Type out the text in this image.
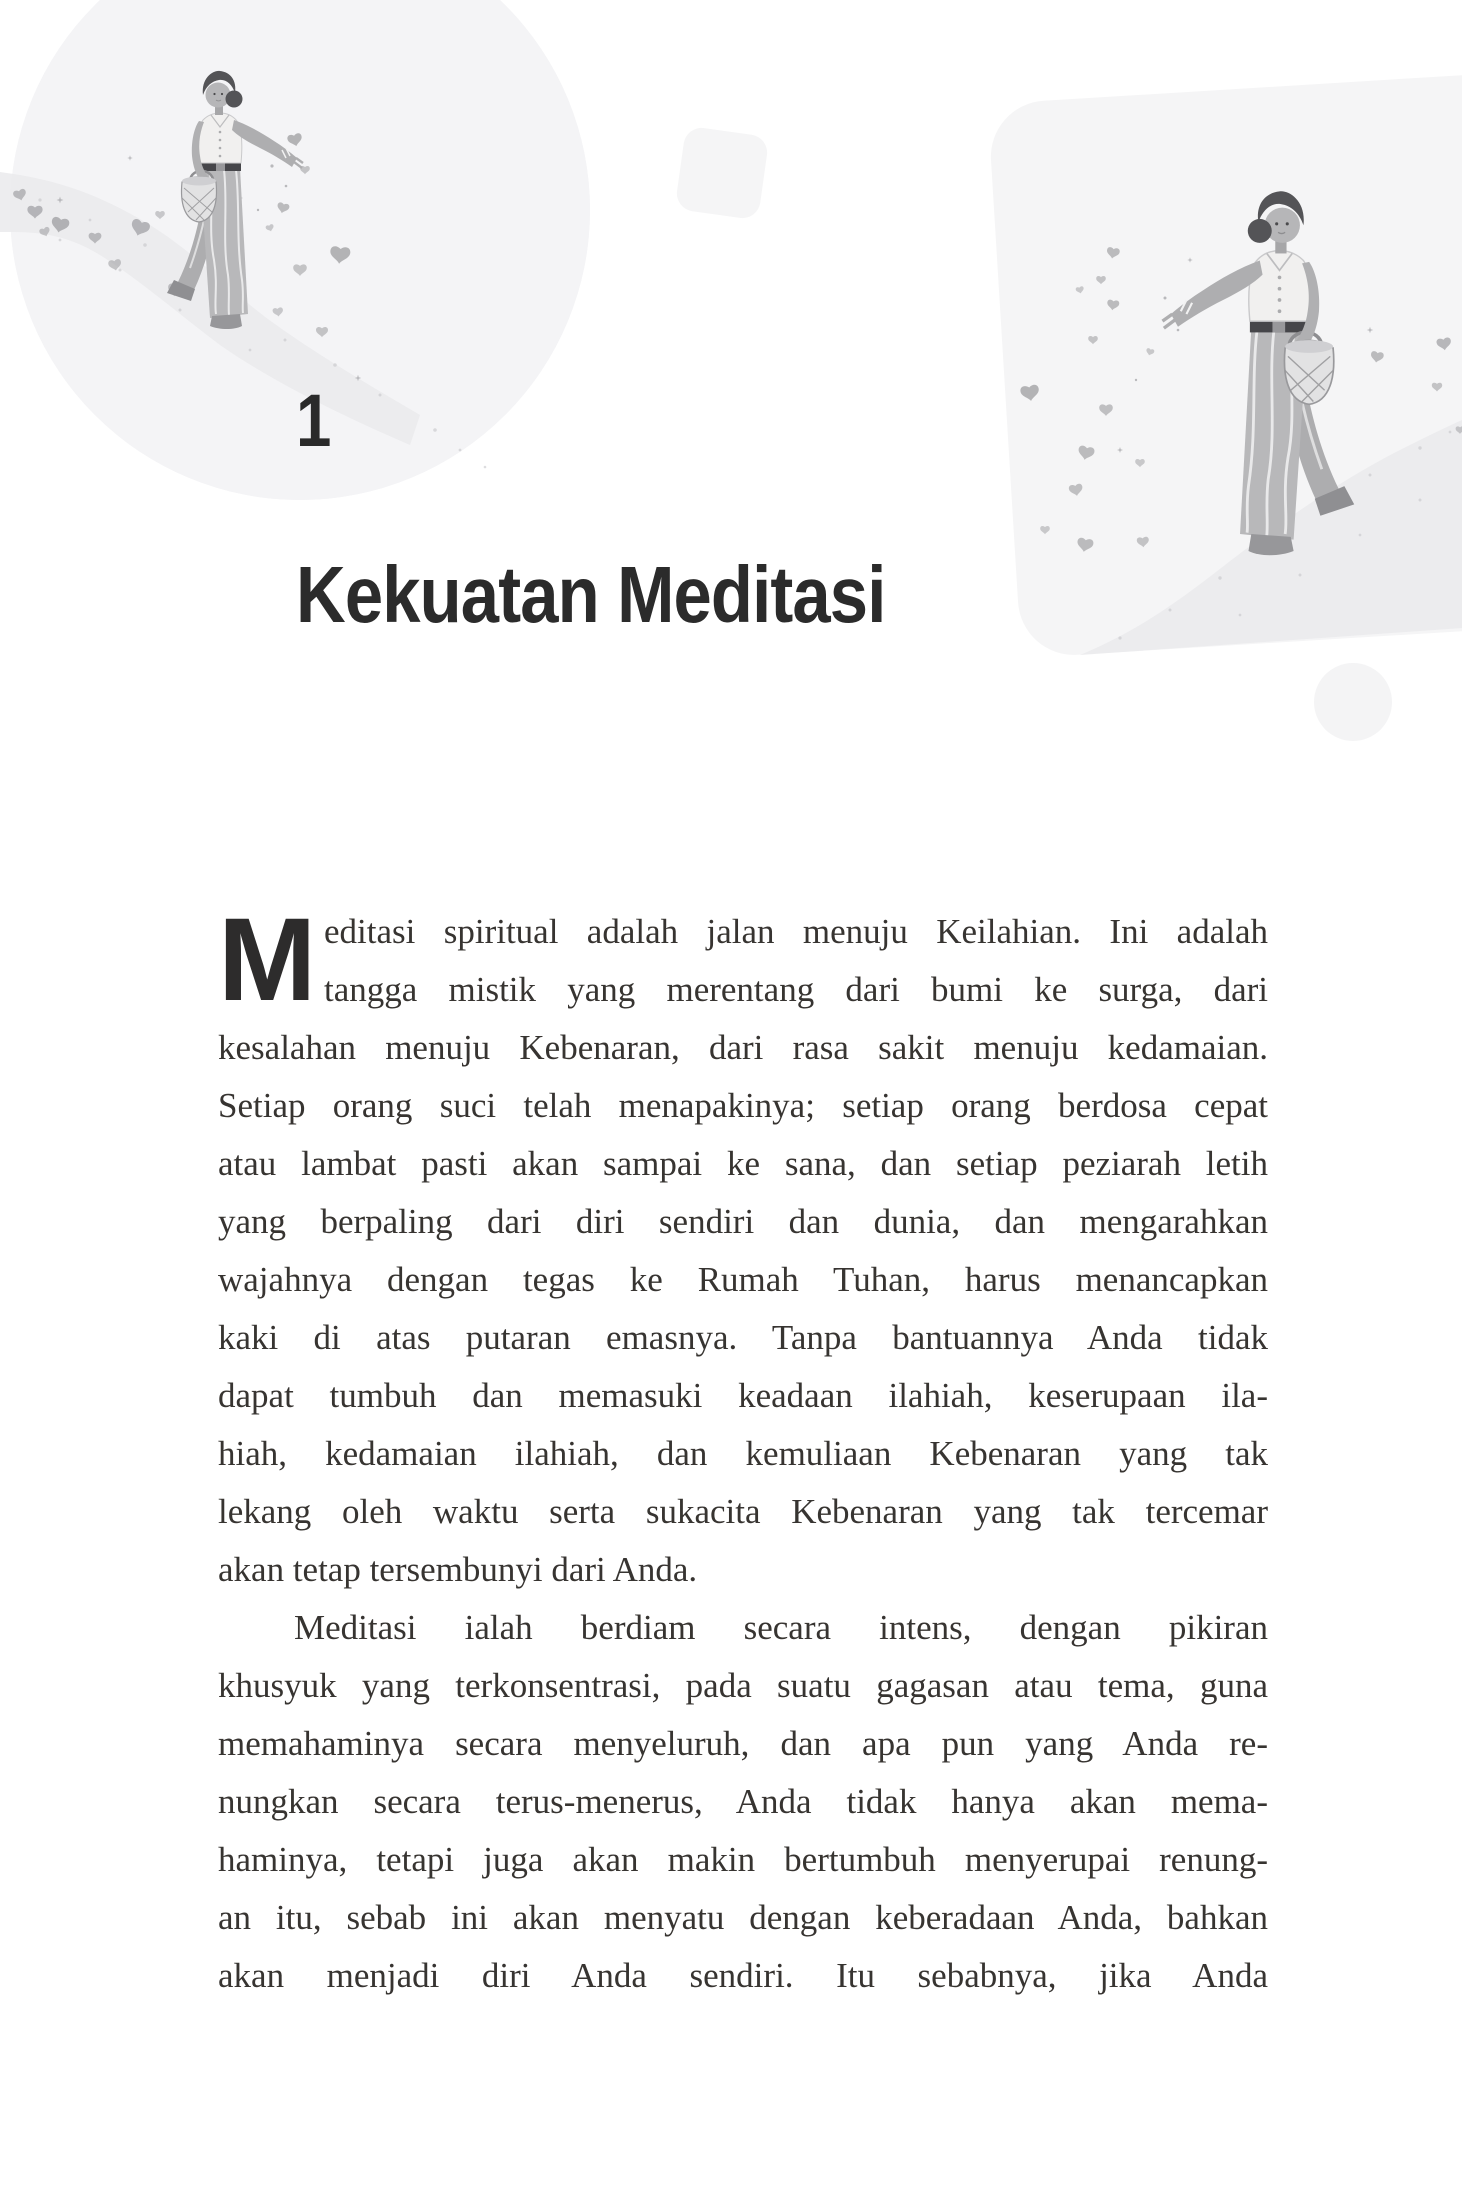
1
Kekuatan Meditasi
M editasi spiritual adalah jalan menuju Keilahian. Ini adalah
tangga mistik yang merentang dari bumi ke surga, dari
kesalahan menuju Kebenaran, dari rasa sakit menuju kedamaian.
Setiap orang suci telah menapakinya; setiap orang berdosa cepat
atau lambat pasti akan sampai ke sana, dan setiap peziarah letih
yang berpaling dari diri sendiri dan dunia, dan mengarahkan
wajahnya dengan tegas ke Rumah Tuhan, harus menancapkan
kaki di atas putaran emasnya. Tanpa bantuannya Anda tidak
dapat tumbuh dan memasuki keadaan ilahiah, keserupaan ila-
hiah, kedamaian ilahiah, dan kemuliaan Kebenaran yang tak
lekang oleh waktu serta sukacita Kebenaran yang tak tercemar
akan tetap tersembunyi dari Anda.
Meditasi ialah berdiam secara intens, dengan pikiran
khusyuk yang terkonsentrasi, pada suatu gagasan atau tema, guna
memahaminya secara menyeluruh, dan apa pun yang Anda re-
nungkan secara terus-menerus, Anda tidak hanya akan mema-
haminya, tetapi juga akan makin bertumbuh menyerupai renung-
an itu, sebab ini akan menyatu dengan keberadaan Anda, bahkan
akan menjadi diri Anda sendiri. Itu sebabnya, jika Anda
